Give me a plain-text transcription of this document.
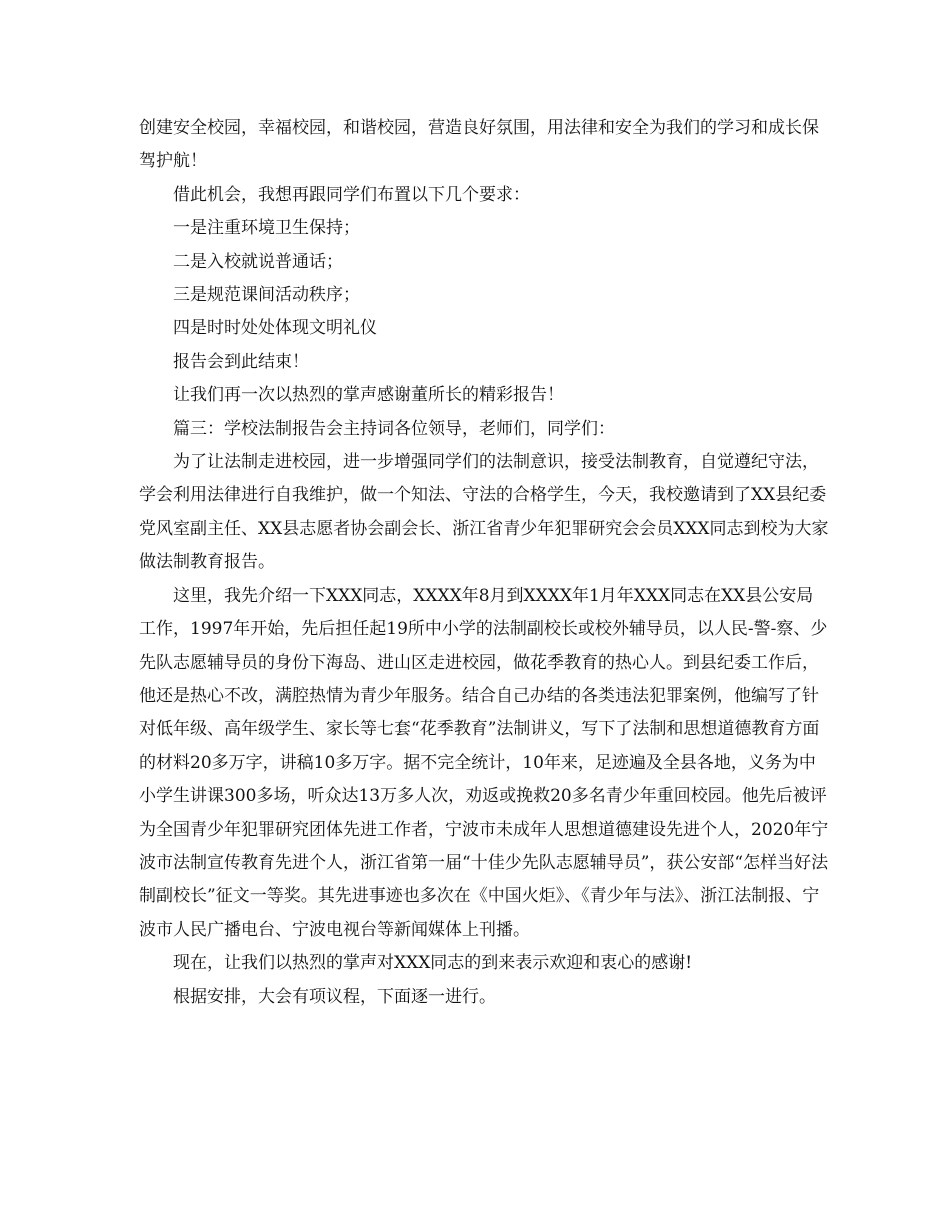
创建安全校园，幸福校园，和谐校园，营造良好氛围，用法律和安全为我们的学习和成长保驾护航！

借此机会，我想再跟同学们布置以下几个要求：

一是注重环境卫生保持；

二是入校就说普通话；

三是规范课间活动秩序；

四是时时处处体现文明礼仪

报告会到此结束！

让我们再一次以热烈的掌声感谢董所长的精彩报告！

篇三：学校法制报告会主持词各位领导，老师们，同学们：

为了让法制走进校园，进一步增强同学们的法制意识，接受法制教育，自觉遵纪守法，学会利用法律进行自我维护，做一个知法、守法的合格学生，今天，我校邀请到了XX县纪委党风室副主任、XX县志愿者协会副会长、浙江省青少年犯罪研究会会员XXX同志到校为大家做法制教育报告。

这里，我先介绍一下XXX同志，XXXX年8月到XXXX年1月年XXX同志在XX县公安局工作，1997年开始，先后担任起19所中小学的法制副校长或校外辅导员，以人民-警-察、少先队志愿辅导员的身份下海岛、进山区走进校园，做花季教育的热心人。到县纪委工作后，他还是热心不改，满腔热情为青少年服务。结合自己办结的各类违法犯罪案例，他编写了针对低年级、高年级学生、家长等七套“花季教育”法制讲义，写下了法制和思想道德教育方面的材料20多万字，讲稿10多万字。据不完全统计，10年来，足迹遍及全县各地，义务为中小学生讲课300多场，听众达13万多人次，劝返或挽救20多名青少年重回校园。他先后被评为全国青少年犯罪研究团体先进工作者，宁波市未成年人思想道德建设先进个人，2020年宁波市法制宣传教育先进个人，浙江省第一届“十佳少先队志愿辅导员”，获公安部“怎样当好法制副校长”征文一等奖。其先进事迹也多次在《中国火炬》、《青少年与法》、浙江法制报、宁波市人民广播电台、宁波电视台等新闻媒体上刊播。

现在，让我们以热烈的掌声对XXX同志的到来表示欢迎和衷心的感谢!

根据安排，大会有项议程，下面逐一进行。
